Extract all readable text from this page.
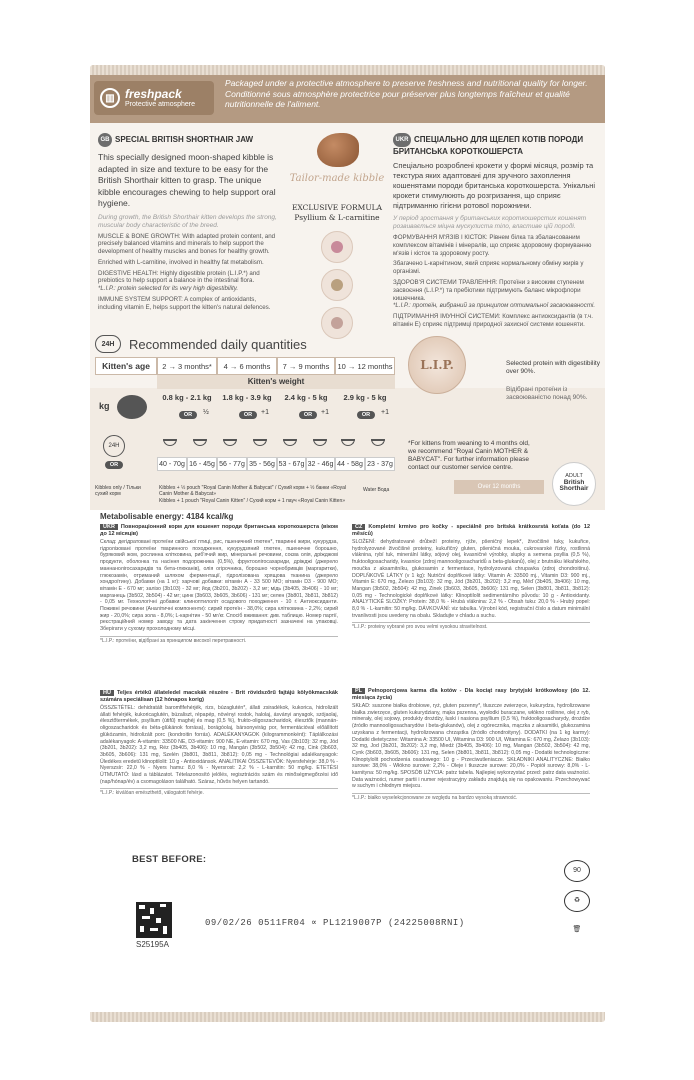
▥ freshpack
Protective atmosphere
Packaged under a protective atmosphere to preserve freshness and nutritional quality for longer.
Conditionné sous atmosphère protectrice pour préserver plus longtemps fraîcheur et qualité nutritionnelle de l'aliment.
GB SPECIAL BRITISH SHORTHAIR JAW
This specially designed moon-shaped kibble is adapted in size and texture to be easy for the British Shorthair kitten to grasp. The unique kibble encourages chewing to help support oral hygiene.
During growth, the British Shorthair kitten develops the strong, muscular body characteristic of the breed.
MUSCLE & BONE GROWTH: With adapted protein content, and precisely balanced vitamins and minerals to help support the development of healthy muscles and bones for healthy growth.
Enriched with L-carnitine, involved in healthy fat metabolism.
DIGESTIVE HEALTH: Highly digestible protein (L.I.P.*) and prebiotics to help support a balance in the intestinal flora.
*L.I.P.: protein selected for its very high digestibility.
IMMUNE SYSTEM SUPPORT: A complex of antioxidants, including vitamin E, helps support the kitten's natural defences.
Tailor-made kibble
EXCLUSIVE FORMULA
Psyllium & L-carnitine
UKR СПЕЦІАЛЬНО ДЛЯ ЩЕЛЕП КОТІВ ПОРОДИ БРИТАНСЬКА КОРОТКОШЕРСТА
Спеціально розроблені крокети у формі місяця, розмір та текстура яких адаптовані для зручного захоплення кошенятами породи британська короткошерста. Унікальні крокети стимулюють до розгризання, що сприяє підтриманню гігієни ротової порожнини.
У період зростання у британських короткошерстих кошенят розвивається міцна мускулиста тіло, властиве цій породі.
ФОРМУВАННЯ М'ЯЗІВ І КІСТОК: Рівнем білка та збалансованим комплексом вітамінів і мінералів, що сприяє здоровому формуванню м'язів і кісток та здоровому росту.
Збагачено L-карнітином, який сприяє нормальному обміну жирів у організмі.
ЗДОРОВ'Я СИСТЕМИ ТРАВЛЕННЯ: Протеїни з високим ступенем засвоєння (L.I.P.*) та пребіотики підтримують баланс мікрофлори кишечника.
*L.I.P.: протеїн, вибраний за принципом оптимальної засвоюваності.
ПІДТРИМАННЯ ІМУННОЇ СИСТЕМИ: Комплекс антиоксидантів (в т.ч. вітамін Е) сприяє підтримці природної захисної системи кошеняти.
24H	Recommended daily quantities
Kitten's age	2 → 3 months*	4 → 6 months	7 → 9 months	10 → 12 months
Kitten's weight
kg
24H
OR
0.8 kg - 2.1 kg	1.8 kg - 3.9 kg	2.4 kg - 5 kg	2.9 kg - 5 kg
OR	OR	OR	OR
½	+1	+1	+1
40 - 70g 16 - 45g 56 - 77g 35 - 56g 53 - 67g 32 - 46g 44 - 58g 23 - 37g
Kibbles only / Тільки сухий корм
Kibbles + ½ pouch "Royal Canin Mother & Babycat" / Сухий корм + ½ банки «Royal Canin Mother & Babycat»
Kibbles + 1 pouch "Royal Canin Kitten" / Сухий корм + 1 пауч «Royal Canin Kitten»
Water Вода
L.I.P.	Selected protein with digestibility over 90%.
Відібрані протеїни із засвоюваністю понад 90%.
*For kittens from weaning to 4 months old, we recommend "Royal Canin MOTHER & BABYCAT". For further information please contact our customer service centre.
Over 12 months
ADULT
British Shorthair
Metabolisable energy: 4184 kcal/kg
UKR Повнораціонний корм для кошенят породи британська короткошерста (віком до 12 місяців)
Склад: дегідратовані протеїни свійської птиці, рис, пшеничний глютен*, тваринні жири, кукурудза, гідролізовані протеїни тваринного походження, кукурудзяний глютен, пшеничне борошно, буряковий жом, рослинна клітковина, риб'ячий жир, мінеральні речовини, соєва олія, дріжджові продукти, оболонка та насіння подорожника (0,5%), фруктоолігосахариди, дріжджі (джерело маннанолігосахаридів та бета-глюканів), олія огірочника, борошно чорнобривців (маргаритки), глюкозамін, отриманий шляхом ферментації, гідролізована хрящова тканина (джерело хондроїтину). Добавки (на 1 кг): харчові добавки: вітамін А - 33 500 МО; вітамін D3 - 900 МО; вітамін Е - 670 мг; залізо (3b103) - 32 мг; йод (3b201, 3b202) - 3,2 мг; мідь (3b405, 3b406) - 10 мг; марганець (3b502, 3b504) - 42 мг; цинк (3b603, 3b605, 3b606) - 131 мг; селен (3b801, 3b811, 3b812) - 0,05 мг. Технологічні добавки: клиноптилоліт осадового походження - 10 г. Антиоксиданти. Поживні речовини (Аналітичні компоненти): сирий протеїн - 38,0%; сира клітковина - 2,2%; сирий жир - 20,0%; сира зола - 8,0%; L-карнітин - 50 мг/кг. Спосіб вживання: див. таблицю. Номер партії, реєстраційний номер заводу та дата закінчення строку придатності зазначені на упаковці. Зберігати у сухому прохолодному місці.
*L.I.P.: протеїни, відібрані за принципом високої перетравності.
HU Teljes értékű állateledel macskák részére - Brit rövidszőrű fajtájú kölyökmacskák számára speciálisan (12 hónapos korig)
ÖSSZETÉTEL: dehidratált baromfifehérjék, rizs, búzaglutén*, állati zsiradékok, kukorica, hidrolizált állati fehérjék, kukoricaglutén, búzaliszt, répapép, növényi rostok, halolaj, ásványi anyagok, szójaolaj, élesztőtermékek, psyllium (útifű) maghéj és mag (0,5 %), frukto-oligoszacharidok, élesztők (mannán-oligoszacharidok és béta-glükánok forrása), borágóolaj, bársonyvirág por, fermentációval előállított glükózamin, hidrolizált porc (kondroitin forrás). ADALÉKANYAGOK (kilogrammonként): Táplálkozási adalékanyagok: A-vitamin: 33500 NE, D3-vitamin: 900 NE, E-vitamin: 670 mg, Vas (3b103): 32 mg, Jód (3b201, 3b202): 3,2 mg, Réz (3b405, 3b406): 10 mg, Mangán (3b502, 3b504): 42 mg, Cink (3b603, 3b605, 3b606): 131 mg, Szelén (3b801, 3b811, 3b812): 0,05 mg - Technológiai adalékanyagok: Üledékes eredetű klinoptilolit: 10 g - Antioxidánsok. ANALITIKAI ÖSSZETEVŐK: Nyersfehérje: 38,0 % - Nyerszsír: 22,0 % - Nyers hamu: 8,0 % - Nyersrost: 2,2 % - L-karnitin: 50 mg/kg. ETETÉSI ÚTMUTATÓ: lásd a táblázatot. Tételazonosító jelölés, regisztrációs szám és minőségmegőrzési idő (nap/hónap/év) a csomagoláson található. Száraz, hűvös helyen tartandó.
*L.I.P.: kiválóan emészthető, válogatott fehérje.
CZ Kompletní krmivo pro kočky - speciálně pro britská krátkosrstá koťata (do 12 měsíců)
SLOŽENÍ: dehydratované drůbeží proteiny, rýže, pšeničný lepek*, živočišné tuky, kukuřice, hydrolyzované živočišné proteiny, kukuřičný gluten, pšeničná mouka, cukrovarské řízky, rostlinná vláknina, rybí tuk, minerální látky, sójový olej, kvasničné výrobky, slupky a semena psyllia (0,5 %), fruktooligosacharidy, kvasnice (zdroj mannooligosacharidů a beta-glukanů), olej z brutnáku lékařského, moučka z aksamitníku, glukosamin z fermentace, hydrolyzovaná chrupavka (zdroj chondroitinu). DOPLŇKOVÉ LÁTKY (v 1 kg): Nutriční doplňkové látky: Vitamin A: 33500 mj., Vitamin D3: 900 mj., Vitamin E: 670 mg, Železo (3b103): 32 mg, Jód (3b201, 3b202): 3,2 mg, Měď (3b405, 3b406): 10 mg, Mangan (3b502, 3b504): 42 mg, Zinek (3b603, 3b605, 3b606): 131 mg, Selen (3b801, 3b811, 3b812): 0,05 mg - Technologické doplňkové látky: Klinoptilolit sedimentárního původu: 10 g - Antioxidanty. ANALYTICKÉ SLOŽKY: Protein: 38,0 % - Hrubá vláknina: 2,2 % - Obsah tuku: 20,0 % - Hrubý popel: 8,0 % - L-karnitin: 50 mg/kg. DÁVKOVÁNÍ: viz tabulka. Výrobní kód, registrační číslo a datum minimální trvanlivosti jsou uvedeny na obalu. Skladujte v chladu a suchu.
*L.I.P.: proteiny vybrané pro svou velmi vysokou stravitelnost.
PL Pełnoporcjowa karma dla kotów - Dla kociąt rasy brytyjski krótkowłosy (do 12. miesiąca życia)
SKŁAD: suszone białka drobiowe, ryż, gluten pszenny*, tłuszcze zwierzęce, kukurydza, hydrolizowane białka zwierzęce, gluten kukurydziany, mąka pszenna, wysłodki buraczane, włókno roślinne, olej z ryb, minerały, olej sojowy, produkty drożdży, łuski i nasiona psyllium (0,5 %), fruktooligosacharydy, drożdże (źródło mannooligosacharydów i beta-glukanów), olej z ogórecznika, mączka z aksamitki, glukozamina uzyskana z fermentacji, hydrolizowana chrząstka (źródło chondroityny). DODATKI (na 1 kg karmy): Dodatki dietetyczne: Witamina A: 33500 UI, Witamina D3: 900 UI, Witamina E: 670 mg, Żelazo (3b103): 32 mg, Jod (3b201, 3b202): 3,2 mg, Miedź (3b405, 3b406): 10 mg, Mangan (3b502, 3b504): 42 mg, Cynk (3b603, 3b605, 3b606): 131 mg, Selen (3b801, 3b811, 3b812): 0,05 mg - Dodatki technologiczne: Klinoptylolit pochodzenia osadowego: 10 g - Przeciwutleniacze. SKŁADNIKI ANALITYCZNE: Białko surowe: 38,0% - Włókno surowe: 2,2% - Oleje i tłuszcze surowe: 20,0% - Popiół surowy: 8,0% - L-karnityna: 50 mg/kg. SPOSÓB UŻYCIA: patrz tabela. Najlepiej wykorzystać przed: patrz data ważności. Data ważności, numer partii i numer rejestracyjny zakładu znajdują się na opakowaniu. Przechowywać w suchym i chłodnym miejscu.
*L.I.P.: białko wyselekcjonowane ze względu na bardzo wysoką strawność.
BEST BEFORE:
09/02/26 0511FR04 ∝ PL1219007P (24225008RNI)
S25195A
90
♻
🗑
